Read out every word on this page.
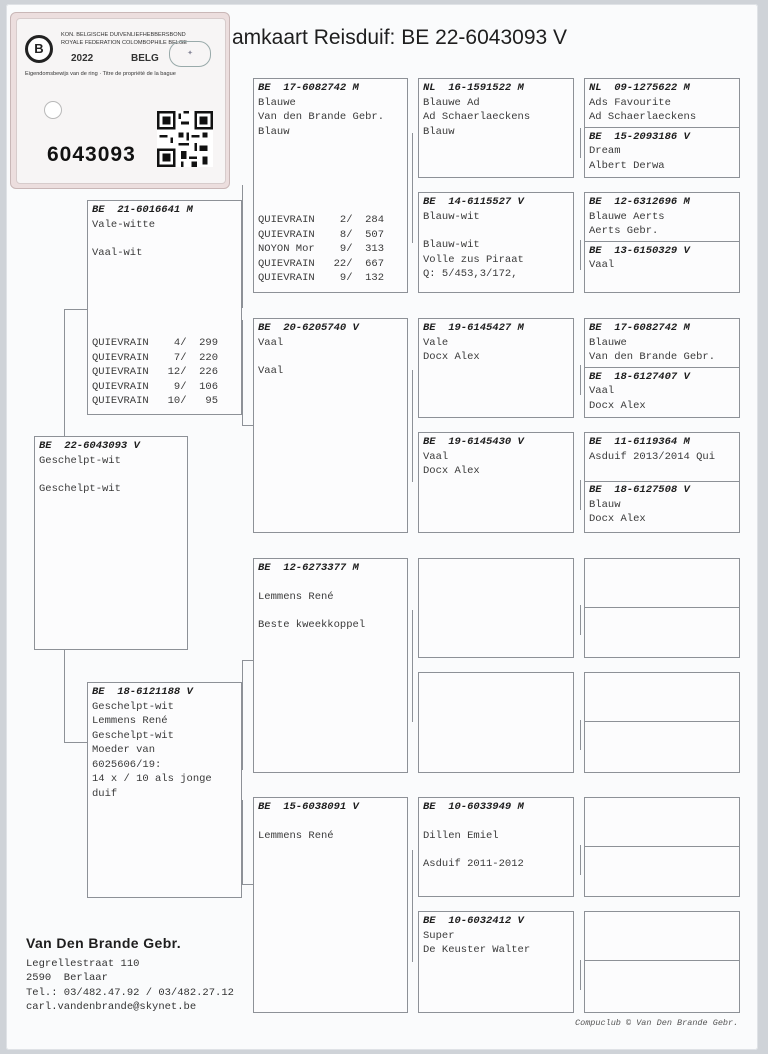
amkaart Reisduif: BE 22-6043093 V
B
KON. BELGISCHE DUIVENLIEFHEBBERSBOND
ROYALE FEDERATION COLOMBOPHILE BELGE
2022	BELG	✦
Eigendomsbewijs van de ring · Titre de propriété de la bague
6043093
BE  22-6043093 V
Geschelpt-wit
Geschelpt-wit
BE  21-6016641 M
Vale-witte
Vaal-wit
QUIEVRAIN    4/  299
QUIEVRAIN    7/  220
QUIEVRAIN   12/  226
QUIEVRAIN    9/  106
QUIEVRAIN   10/   95
BE  18-6121188 V
Geschelpt-wit
Lemmens René
Geschelpt-wit
Moeder van
6025606/19:
14 x / 10 als jonge
duif
BE  17-6082742 M
Blauwe
Van den Brande Gebr.
Blauw
QUIEVRAIN    2/  284
QUIEVRAIN    8/  507
NOYON Mor    9/  313
QUIEVRAIN   22/  667
QUIEVRAIN    9/  132
BE  20-6205740 V
Vaal
Vaal
BE  12-6273377 M
Lemmens René
Beste kweekkoppel
BE  15-6038091 V
Lemmens René
NL  16-1591522 M
Blauwe Ad
Ad Schaerlaeckens
Blauw
BE  14-6115527 V
Blauw-wit
Blauw-wit
Volle zus Piraat
Q: 5/453,3/172,
BE  19-6145427 M
Vale
Docx Alex
BE  19-6145430 V
Vaal
Docx Alex
BE  10-6033949 M
Dillen Emiel
Asduif 2011-2012
BE  10-6032412 V
Super
De Keuster Walter
NL  09-1275622 M
Ads Favourite
Ad Schaerlaeckens
BE  15-2093186 V
Dream
Albert Derwa
BE  12-6312696 M
Blauwe Aerts
Aerts Gebr.
BE  13-6150329 V
Vaal
BE  17-6082742 M
Blauwe
Van den Brande Gebr.
BE  18-6127407 V
Vaal
Docx Alex
BE  11-6119364 M
Asduif 2013/2014 Qui
BE  18-6127508 V
Blauw
Docx Alex
Van Den Brande Gebr.
Legrellestraat 110
2590  Berlaar
Tel.: 03/482.47.92 / 03/482.27.12
carl.vandenbrande@skynet.be
Compuclub © Van Den Brande Gebr.
